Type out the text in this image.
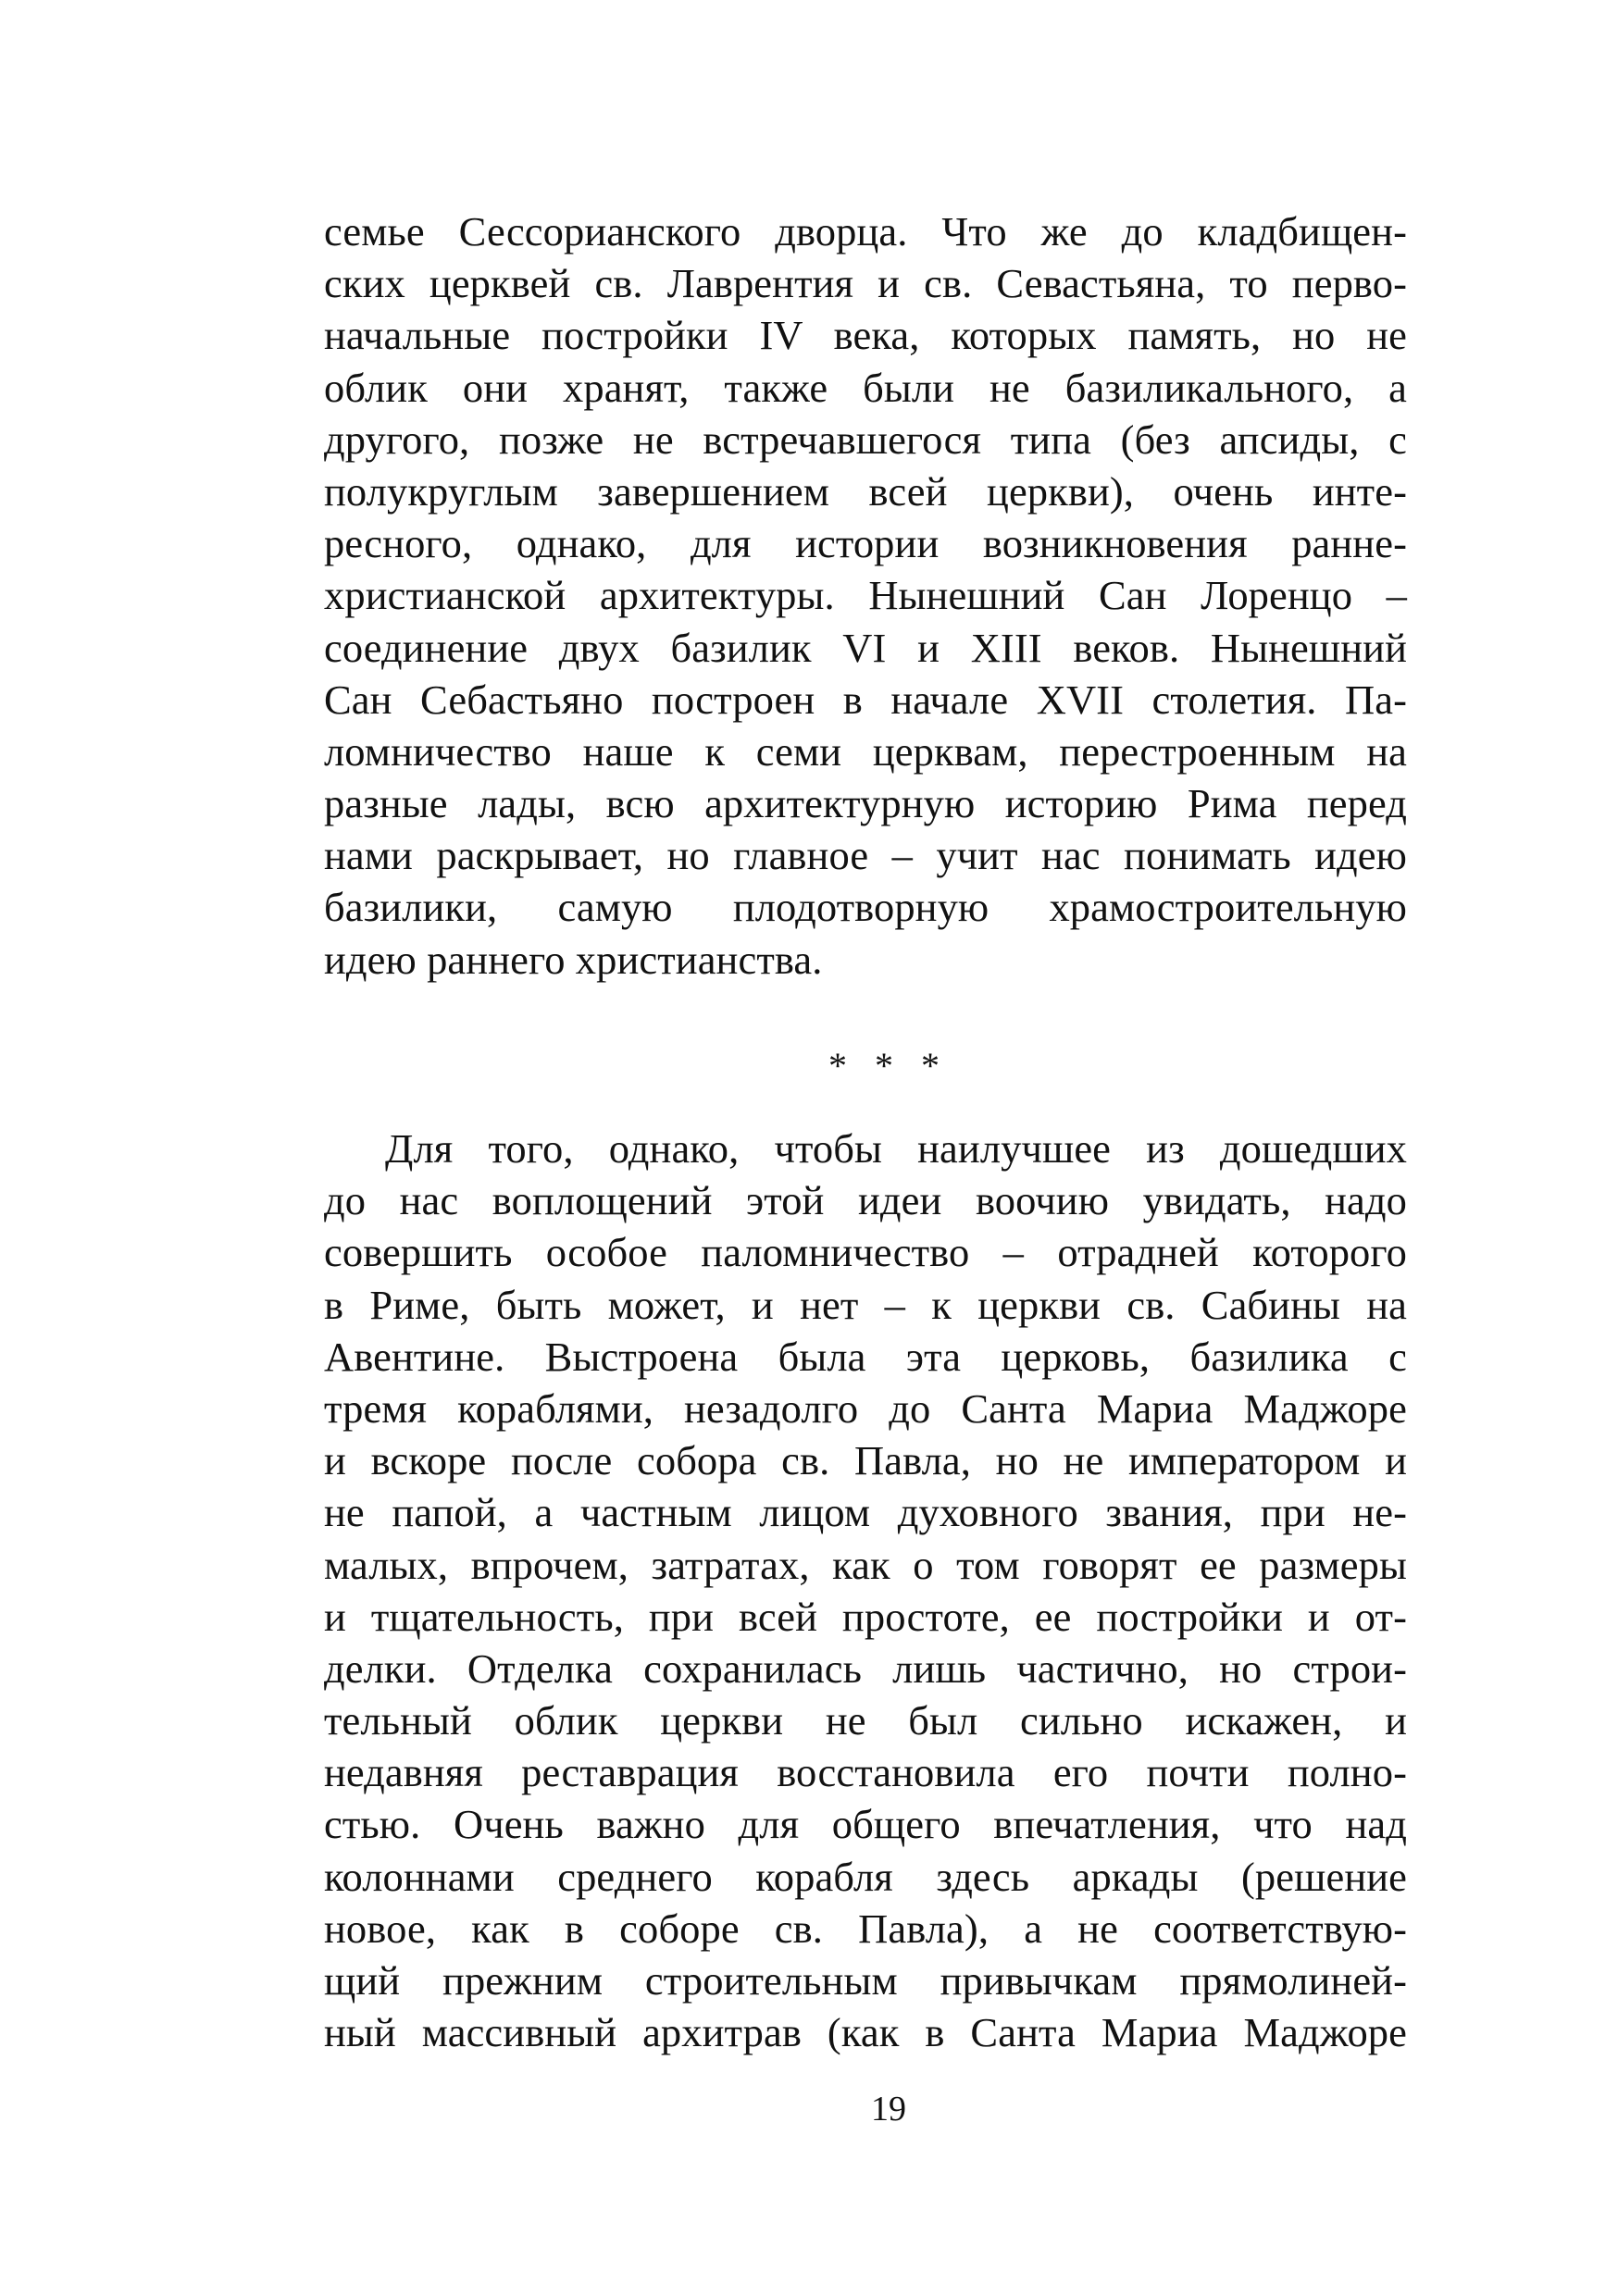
семье Сессорианского дворца. Что же до кладбищен-
ских церквей св. Лаврентия и св. Севастьяна, то перво-
начальные постройки IV века, которых память, но не
облик они хранят, также были не базиликального, а
другого, позже не встречавшегося типа (без апсиды, с
полукруглым завершением всей церкви), очень инте-
ресного, однако, для истории возникновения ранне-
христианской архитектуры. Нынешний Сан Лоренцо –
соединение двух базилик VI и XIII веков. Нынешний
Сан Себастьяно построен в начале XVII столетия. Па-
ломничество наше к семи церквам, перестроенным на
разные лады, всю архитектурную историю Рима перед
нами раскрывает, но главное – учит нас понимать идею
базилики, самую плодотворную храмостроительную
идею раннего христианства.

* * *

Для того, однако, чтобы наилучшее из дошедших
до нас воплощений этой идеи воочию увидать, надо
совершить особое паломничество – отрадней которого
в Риме, быть может, и нет – к церкви св. Сабины на
Авентине. Выстроена была эта церковь, базилика с
тремя кораблями, незадолго до Санта Мариа Маджоре
и вскоре после собора св. Павла, но не императором и
не папой, а частным лицом духовного звания, при не-
малых, впрочем, затратах, как о том говорят ее размеры
и тщательность, при всей простоте, ее постройки и от-
делки. Отделка сохранилась лишь частично, но строи-
тельный облик церкви не был сильно искажен, и
недавняя реставрация восстановила его почти полно-
стью. Очень важно для общего впечатления, что над
колоннами среднего корабля здесь аркады (решение
новое, как в соборе св. Павла), а не соответствую-
щий прежним строительным привычкам прямолиней-
ный массивный архитрав (как в Санта Мариа Маджоре

19
